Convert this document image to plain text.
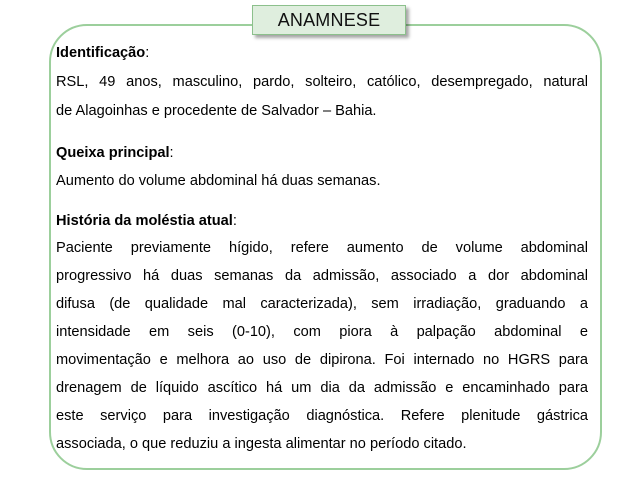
ANAMNESE
Identificação:
RSL, 49 anos, masculino, pardo, solteiro, católico, desempregado, natural
de Alagoinhas e procedente de Salvador – Bahia.
Queixa principal:
Aumento do volume abdominal há duas semanas.
História da moléstia atual:
Paciente previamente hígido, refere aumento de volume abdominal
progressivo há duas semanas da admissão, associado a dor abdominal
difusa (de qualidade mal caracterizada), sem irradiação, graduando a
intensidade em seis (0-10), com piora à palpação abdominal e
movimentação e melhora ao uso de dipirona. Foi internado no HGRS para
drenagem de líquido ascítico há um dia da admissão e encaminhado para
este serviço para investigação diagnóstica. Refere plenitude gástrica
associada, o que reduziu a ingesta alimentar no período citado.
